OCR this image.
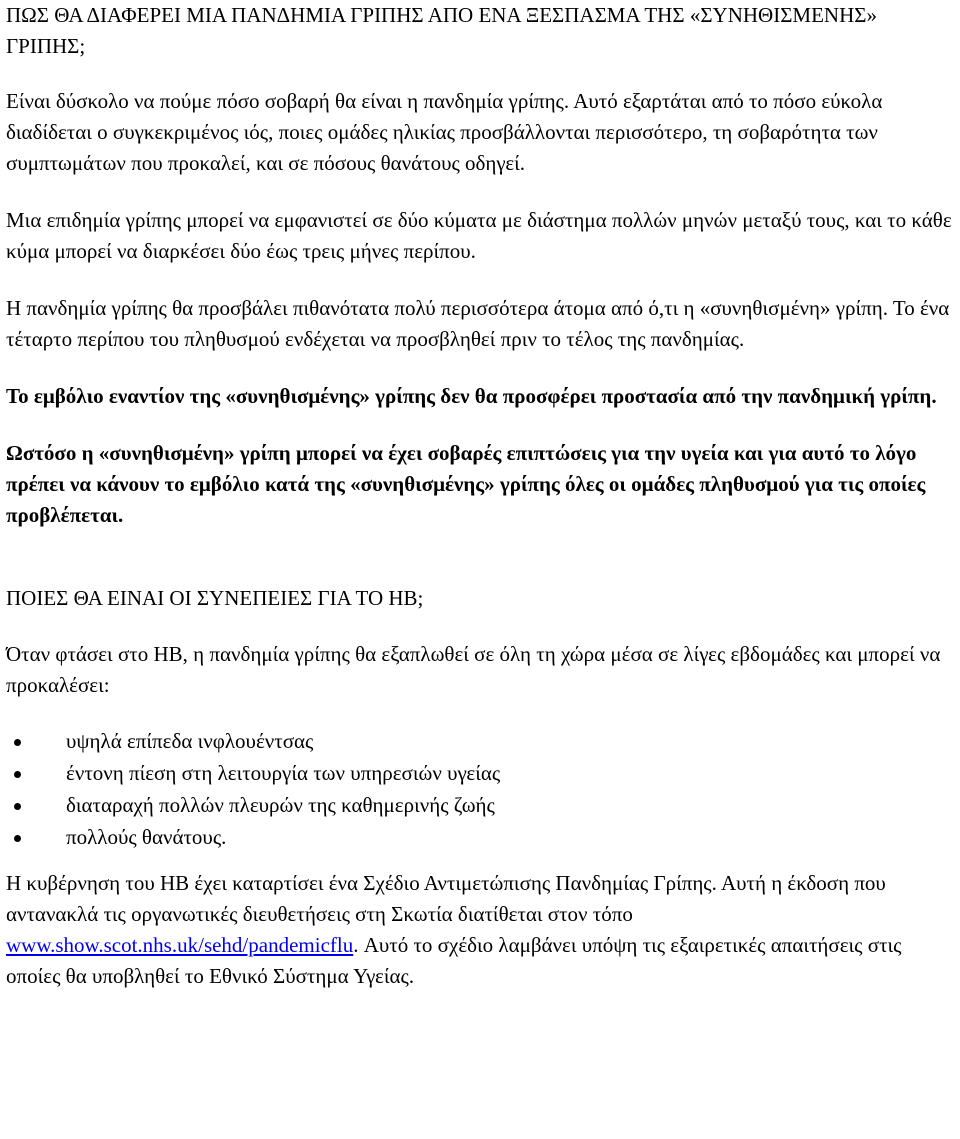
ΠΩΣ ΘΑ ΔΙΑΦΕΡΕΙ ΜΙΑ ΠΑΝΔΗΜΙΑ ΓΡΙΠΗΣ ΑΠΟ ΕΝΑ ΞΕΣΠΑΣΜΑ ΤΗΣ «ΣΥΝΗΘΙΣΜΕΝΗΣ» ΓΡΙΠΗΣ;

Είναι δύσκολο να πούμε πόσο σοβαρή θα είναι η πανδημία γρίπης. Αυτό εξαρτάται από το πόσο εύκολα διαδίδεται ο συγκεκριμένος ιός, ποιες ομάδες ηλικίας προσβάλλονται περισσότερο, τη σοβαρότητα των συμπτωμάτων που προκαλεί, και σε πόσους θανάτους οδηγεί.

Μια επιδημία γρίπης μπορεί να εμφανιστεί σε δύο κύματα με διάστημα πολλών μηνών μεταξύ τους, και το κάθε κύμα μπορεί να διαρκέσει δύο έως τρεις μήνες περίπου.

Η πανδημία γρίπης θα προσβάλει πιθανότατα πολύ περισσότερα άτομα από ό,τι η «συνηθισμένη» γρίπη. Το ένα τέταρτο περίπου του πληθυσμού ενδέχεται να προσβληθεί πριν το τέλος της πανδημίας.

Το εμβόλιο εναντίον της «συνηθισμένης» γρίπης δεν θα προσφέρει προστασία από την πανδημική γρίπη.

Ωστόσο η «συνηθισμένη» γρίπη μπορεί να έχει σοβαρές επιπτώσεις για την υγεία και για αυτό το λόγο πρέπει να κάνουν το εμβόλιο κατά της «συνηθισμένης» γρίπης όλες οι ομάδες πληθυσμού για τις οποίες προβλέπεται.

ΠΟΙΕΣ ΘΑ ΕΙΝΑΙ ΟΙ ΣΥΝΕΠΕΙΕΣ ΓΙΑ ΤΟ ΗΒ;

Όταν φτάσει στο ΗΒ, η πανδημία γρίπης θα εξαπλωθεί σε όλη τη χώρα μέσα σε λίγες εβδομάδες και μπορεί να προκαλέσει:

υψηλά επίπεδα ινφλουέντσας
έντονη πίεση στη λειτουργία των υπηρεσιών υγείας
διαταραχή πολλών πλευρών της καθημερινής ζωής
πολλούς θανάτους.

Η κυβέρνηση του ΗΒ έχει καταρτίσει ένα Σχέδιο Αντιμετώπισης Πανδημίας Γρίπης. Αυτή η έκδοση που αντανακλά τις οργανωτικές διευθετήσεις στη Σκωτία διατίθεται στον τόπο www.show.scot.nhs.uk/sehd/pandemicflu. Αυτό το σχέδιο λαμβάνει υπόψη τις εξαιρετικές απαιτήσεις στις οποίες θα υποβληθεί το Εθνικό Σύστημα Υγείας.
